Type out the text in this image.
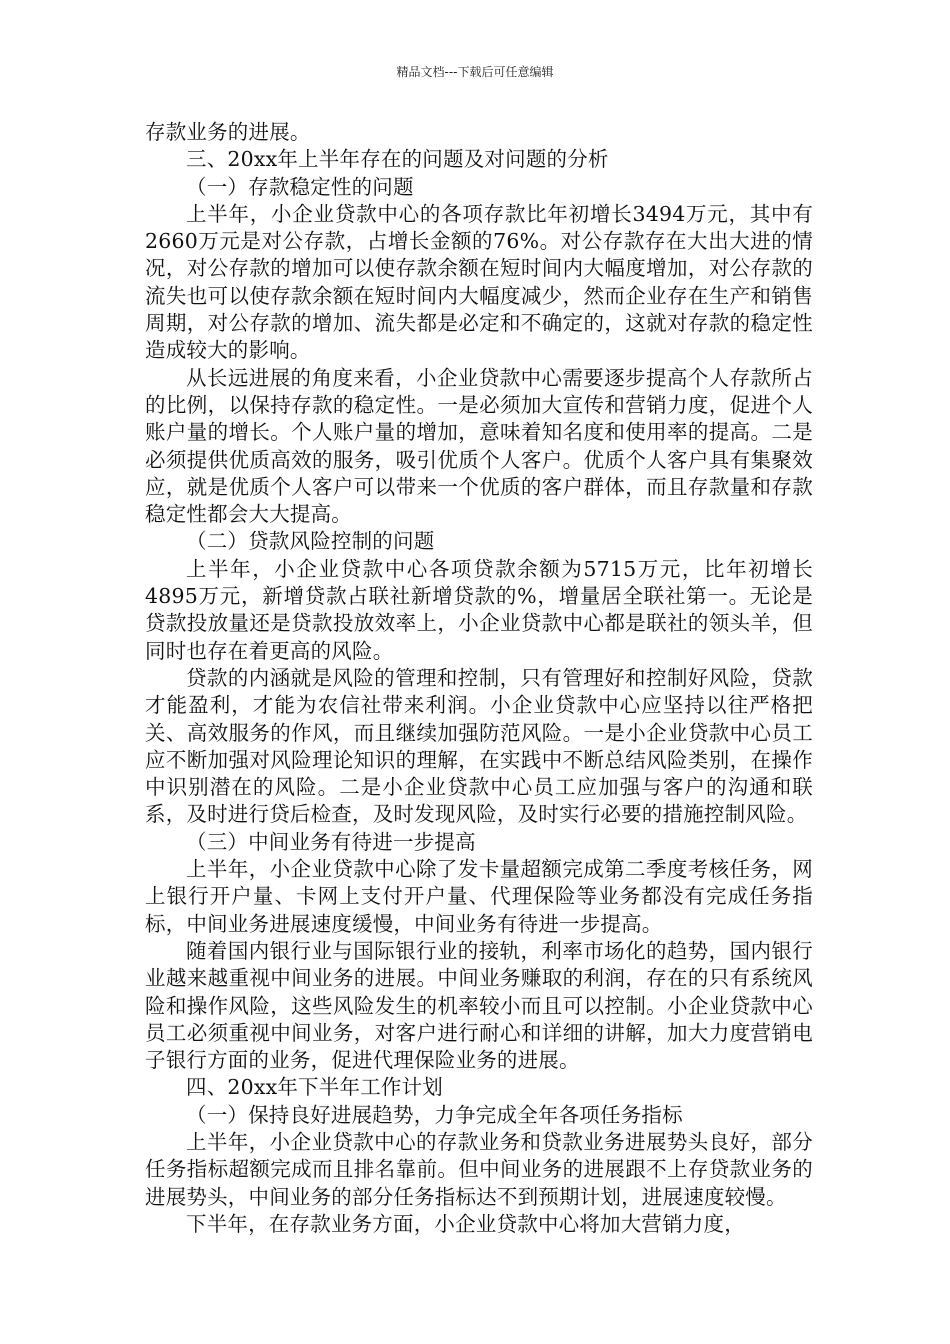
精品文档---下载后可任意编辑

存款业务的进展。

三、20xx年上半年存在的问题及对问题的分析

（一）存款稳定性的问题

上半年，小企业贷款中心的各项存款比年初增长3494万元，其中有2660万元是对公存款，占增长金额的76%。对公存款存在大出大进的情况，对公存款的增加可以使存款余额在短时间内大幅度增加，对公存款的流失也可以使存款余额在短时间内大幅度减少，然而企业存在生产和销售周期，对公存款的增加、流失都是必定和不确定的，这就对存款的稳定性造成较大的影响。

从长远进展的角度来看，小企业贷款中心需要逐步提高个人存款所占的比例，以保持存款的稳定性。一是必须加大宣传和营销力度，促进个人账户量的增长。个人账户量的增加，意味着知名度和使用率的提高。二是必须提供优质高效的服务，吸引优质个人客户。优质个人客户具有集聚效应，就是优质个人客户可以带来一个优质的客户群体，而且存款量和存款稳定性都会大大提高。

（二）贷款风险控制的问题

上半年，小企业贷款中心各项贷款余额为5715万元，比年初增长4895万元，新增贷款占联社新增贷款的%，增量居全联社第一。无论是贷款投放量还是贷款投放效率上，小企业贷款中心都是联社的领头羊，但同时也存在着更高的风险。

贷款的内涵就是风险的管理和控制，只有管理好和控制好风险，贷款才能盈利，才能为农信社带来利润。小企业贷款中心应坚持以往严格把关、高效服务的作风，而且继续加强防范风险。一是小企业贷款中心员工应不断加强对风险理论知识的理解，在实践中不断总结风险类别，在操作中识别潜在的风险。二是小企业贷款中心员工应加强与客户的沟通和联系，及时进行贷后检查，及时发现风险，及时实行必要的措施控制风险。

（三）中间业务有待进一步提高

上半年，小企业贷款中心除了发卡量超额完成第二季度考核任务，网上银行开户量、卡网上支付开户量、代理保险等业务都没有完成任务指标，中间业务进展速度缓慢，中间业务有待进一步提高。

随着国内银行业与国际银行业的接轨，利率市场化的趋势，国内银行业越来越重视中间业务的进展。中间业务赚取的利润，存在的只有系统风险和操作风险，这些风险发生的机率较小而且可以控制。小企业贷款中心员工必须重视中间业务，对客户进行耐心和详细的讲解，加大力度营销电子银行方面的业务，促进代理保险业务的进展。

四、20xx年下半年工作计划

（一）保持良好进展趋势，力争完成全年各项任务指标

上半年，小企业贷款中心的存款业务和贷款业务进展势头良好，部分任务指标超额完成而且排名靠前。但中间业务的进展跟不上存贷款业务的进展势头，中间业务的部分任务指标达不到预期计划，进展速度较慢。

下半年，在存款业务方面，小企业贷款中心将加大营销力度，
